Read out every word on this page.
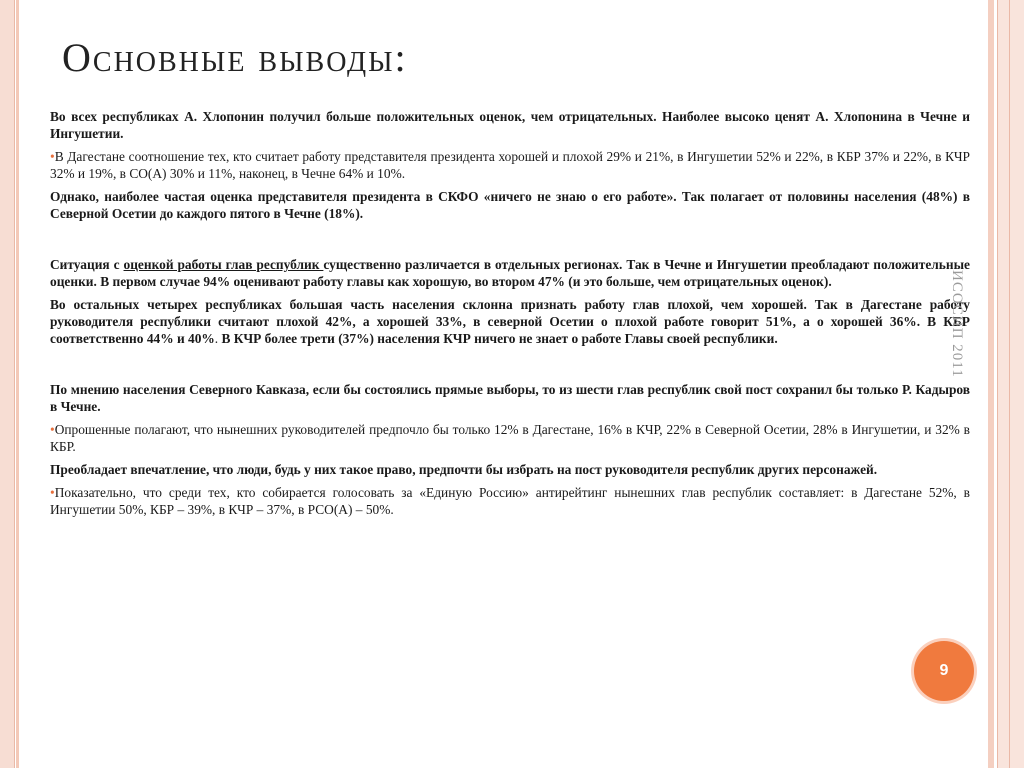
Основные выводы:

Во всех республиках А. Хлопонин получил больше положительных оценок, чем отрицательных. Наиболее высоко ценят А. Хлопонина в Чечне и Ингушетии.

•В Дагестане соотношение тех, кто считает работу представителя президента хорошей и плохой 29% и 21%, в Ингушетии 52% и 22%, в КБР 37% и 22%, в КЧР 32% и 19%, в СО(А) 30% и 11%, наконец, в Чечне 64% и 10%.

Однако, наиболее частая оценка представителя президента в СКФО «ничего не знаю о его работе». Так полагает от половины населения (48%) в Северной Осетии до каждого пятого в Чечне (18%).

Ситуация с оценкой работы глав республик существенно различается в отдельных регионах. Так в Чечне и Ингушетии преобладают положительные оценки. В первом случае 94% оценивают работу главы как хорошую, во втором 47% (и это больше, чем отрицательных оценок).

Во остальных четырех республиках большая часть населения склонна признать работу глав плохой, чем хорошей. Так в Дагестане работу руководителя республики считают плохой 42%, а хорошей 33%, в северной Осетии о плохой работе говорит 51%, а о хорошей 36%. В КБР соответственно 44% и 40%. В КЧР более трети (37%) населения КЧР ничего не знает о работе Главы своей республики.

По мнению населения Северного Кавказа, если бы состоялись прямые выборы, то из шести глав республик свой пост сохранил бы только Р. Кадыров в Чечне.

•Опрошенные полагают, что нынешних руководителей предпочло бы только 12% в Дагестане, 16% в КЧР, 22% в Северной Осетии, 28% в Ингушетии, и 32% в КБР.

Преобладает впечатление, что люди, будь у них такое право, предпочти бы избрать на пост руководителя республик других персонажей.

•Показательно, что среди тех, кто собирается голосовать за «Единую Россию» антирейтинг нынешних глав республик составляет: в Дагестане 52%, в Ингушетии 50%, КБР – 39%, в КЧР – 37%, в РСО(А) – 50%.

ИСОСИП 2011
9
